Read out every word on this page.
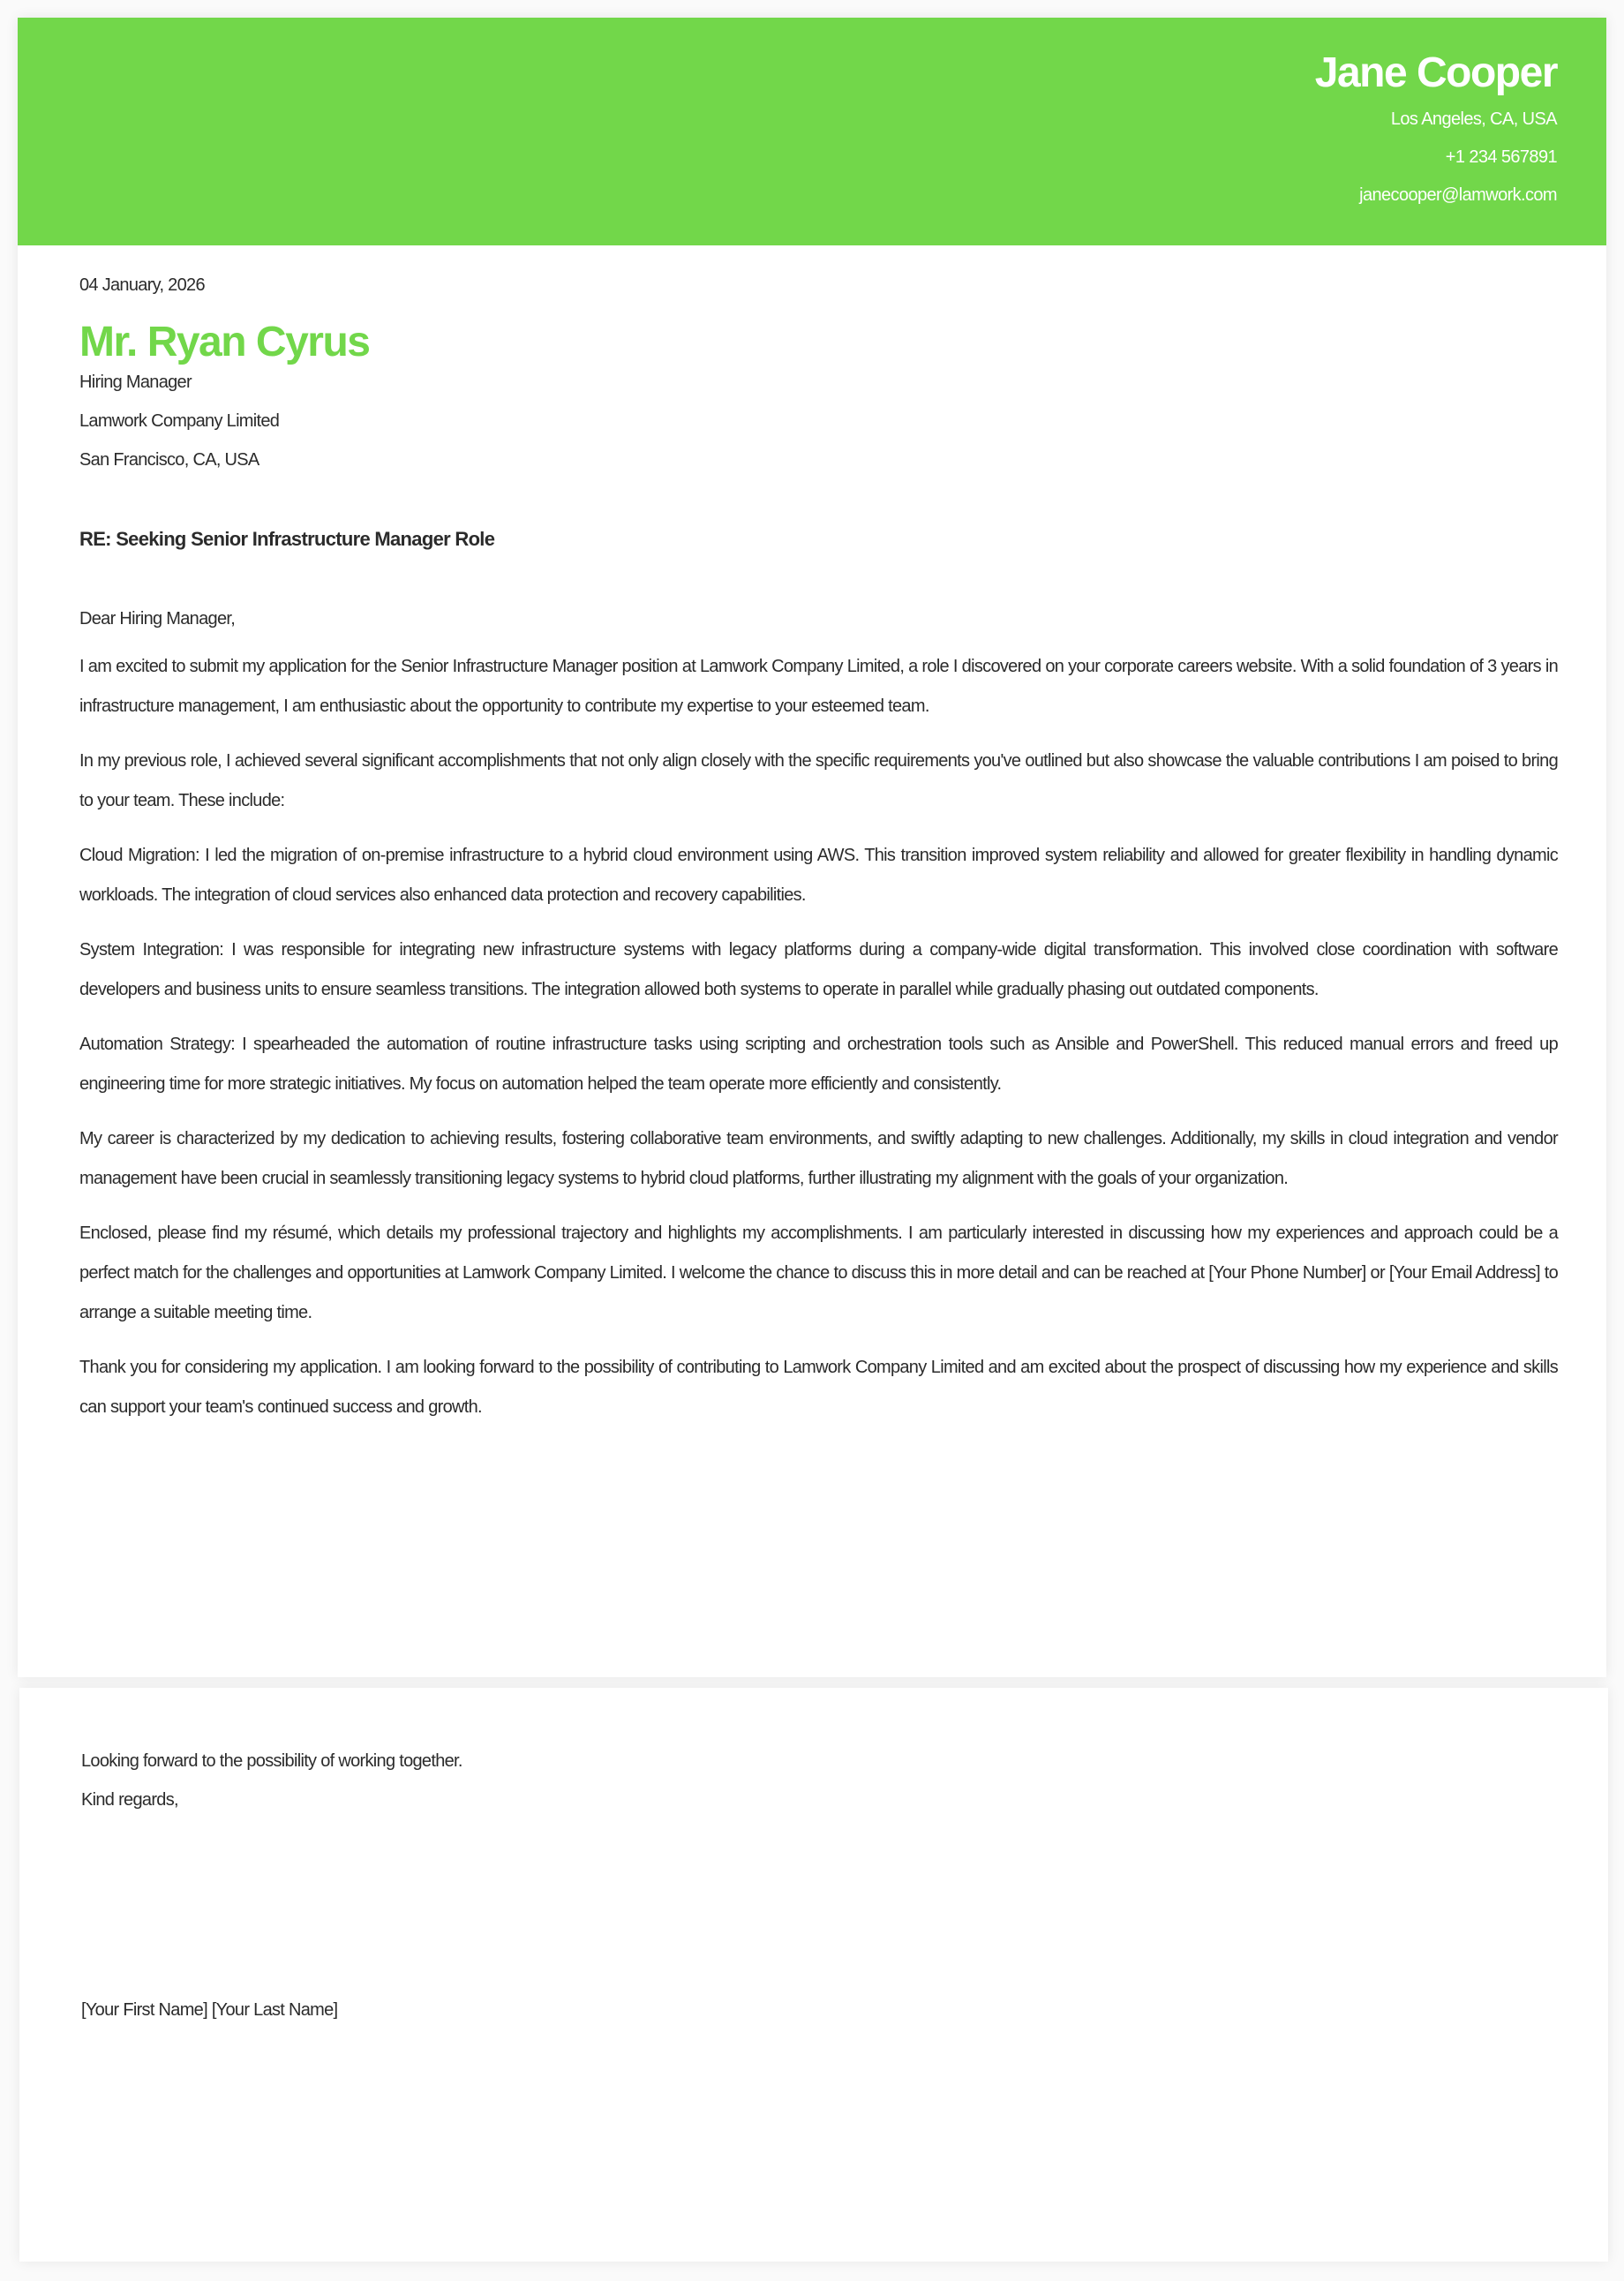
Jane Cooper
Los Angeles, CA, USA
+1 234 567891
janecooper@lamwork.com
04 January, 2026
Mr. Ryan Cyrus
Hiring Manager
Lamwork Company Limited
San Francisco, CA, USA
RE: Seeking Senior Infrastructure Manager Role
Dear Hiring Manager,

I am excited to submit my application for the Senior Infrastructure Manager position at Lamwork Company Limited, a role I discovered on your corporate careers website. With a solid foundation of 3 years in infrastructure management, I am enthusiastic about the opportunity to contribute my expertise to your esteemed team.

In my previous role, I achieved several significant accomplishments that not only align closely with the specific requirements you've outlined but also showcase the valuable contributions I am poised to bring to your team. These include:

Cloud Migration: I led the migration of on-premise infrastructure to a hybrid cloud environment using AWS. This transition improved system reliability and allowed for greater flexibility in handling dynamic workloads. The integration of cloud services also enhanced data protection and recovery capabilities.

System Integration: I was responsible for integrating new infrastructure systems with legacy platforms during a company-wide digital transformation. This involved close coordination with software developers and business units to ensure seamless transitions. The integration allowed both systems to operate in parallel while gradually phasing out outdated components.

Automation Strategy: I spearheaded the automation of routine infrastructure tasks using scripting and orchestration tools such as Ansible and PowerShell. This reduced manual errors and freed up engineering time for more strategic initiatives. My focus on automation helped the team operate more efficiently and consistently.

My career is characterized by my dedication to achieving results, fostering collaborative team environments, and swiftly adapting to new challenges. Additionally, my skills in cloud integration and vendor management have been crucial in seamlessly transitioning legacy systems to hybrid cloud platforms, further illustrating my alignment with the goals of your organization.

Enclosed, please find my résumé, which details my professional trajectory and highlights my accomplishments. I am particularly interested in discussing how my experiences and approach could be a perfect match for the challenges and opportunities at Lamwork Company Limited. I welcome the chance to discuss this in more detail and can be reached at [Your Phone Number] or [Your Email Address] to arrange a suitable meeting time.

Thank you for considering my application. I am looking forward to the possibility of contributing to Lamwork Company Limited and am excited about the prospect of discussing how my experience and skills can support your team's continued success and growth.

Looking forward to the possibility of working together.
Kind regards,
[Your First Name] [Your Last Name]
